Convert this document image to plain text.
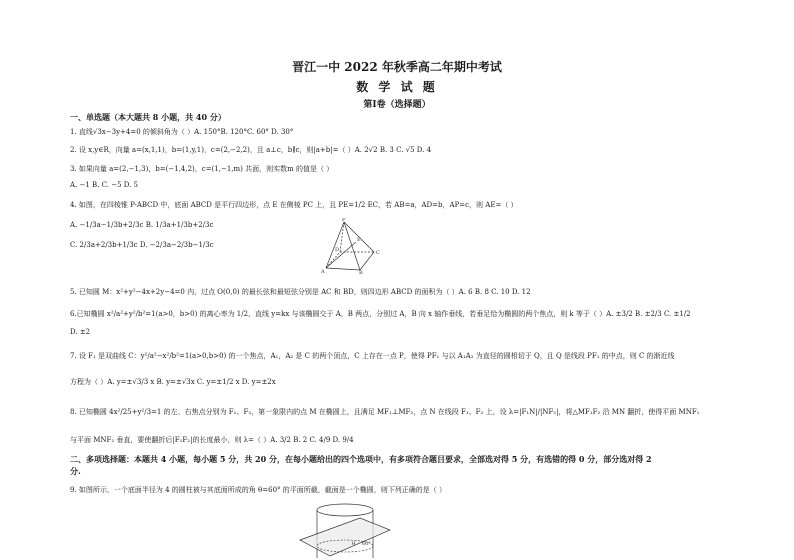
晋江一中 2022 年秋季高二年期中考试
数 学 试 题
第Ⅰ卷（选择题）
一、单选题（本大题共 8 小题，共 40 分）
1. 直线√3x−3y+4=0 的倾斜角为（ ）A. 150°B. 120°C. 60° D. 30°
2. 设 x,y∈R，向量 a=(x,1,1)，b=(1,y,1)，c=(2,−2,2)，且 a⊥c，b∥c，则|a+b|=（ ）A. 2√2 B. 3 C. √5 D. 4
3. 如果向量 a=(2,−1,3)，b=(−1,4,2)，c=(1,−1,m) 共面，则实数m 的值是（ ）
A. −1 B. C. −5 D. 5
4. 如图，在四棱锥 P-ABCD 中，底面 ABCD 是平行四边形，点 E 在侧棱 PC 上，且 PE=1/2 EC，若 AB=a，AD=b，AP=c，则 AE=（ ）
A. −1/3a−1/3b+2/3c B. 1/3a+1/3b+2/3c
C. 2/3a+2/3b+1/3c D. −2/3a−2/3b−1/3c
P
E
A	B
C
D
5. 已知圆 M：x²+y²−4x+2y−4=0 内，过点 O(0,0) 的最长弦和最短弦分别是 AC 和 BD，则四边形 ABCD 的面积为（ ）A. 6 B. 8 C. 10 D. 12
6.已知椭圆 x²/a²+y²/b²=1(a>0，b>0) 的离心率为 1/2，直线 y=kx 与该椭圆交于 A，B 两点，分别过 A，B 向 x 轴作垂线，若垂足恰为椭圆的两个焦点，则 k 等于（ ）A. ±3/2 B. ±2/3 C. ±1/2
D. ±2
7. 设 F₁ 是双曲线 C：y²/a²−x²/b²=1(a>0,b>0) 的一个焦点，A₁，A₂ 是 C 的两个顶点，C 上存在一点 P，使得 PF₁ 与以 A₁A₂ 为直径的圆相切于 Q，且 Q 是线段 PF₁ 的中点，则 C 的渐近线
方程为（ ）A. y=±√3/3 x B. y=±√3x C. y=±1/2 x D. y=±2x
8. 已知椭圆 4x²/25+y²/3=1 的左、右焦点分别为 F₁、F₂，第一象限内的点 M 在椭圆上，且满足 MF₁⊥MF₂，点 N 在线段 F₁、F₂ 上，设 λ=|F₁N|/|NF₂|，将△MF₁F₂ 沿 MN 翻折，使得平面 MNF₁
与平面 MNF₂ 垂直，要使翻折后|F₁F₂|的长度最小，则 λ=（ ）A. 3/2 B. 2 C. 4/9 D. 9/4
二、多项选择题：本题共 4 小题，每小题 5 分，共 20 分，在每小题给出的四个选项中，有多项符合题目要求，全部选对得 5 分，有选错的得 0 分，部分选对得 2
分.
9. 如图所示，一个底面半径为 4 的圆柱被与其底面所成的角 θ=60° 的平面所截，截面是一个椭圆，则下列正确的是（ ）
θ 60°
